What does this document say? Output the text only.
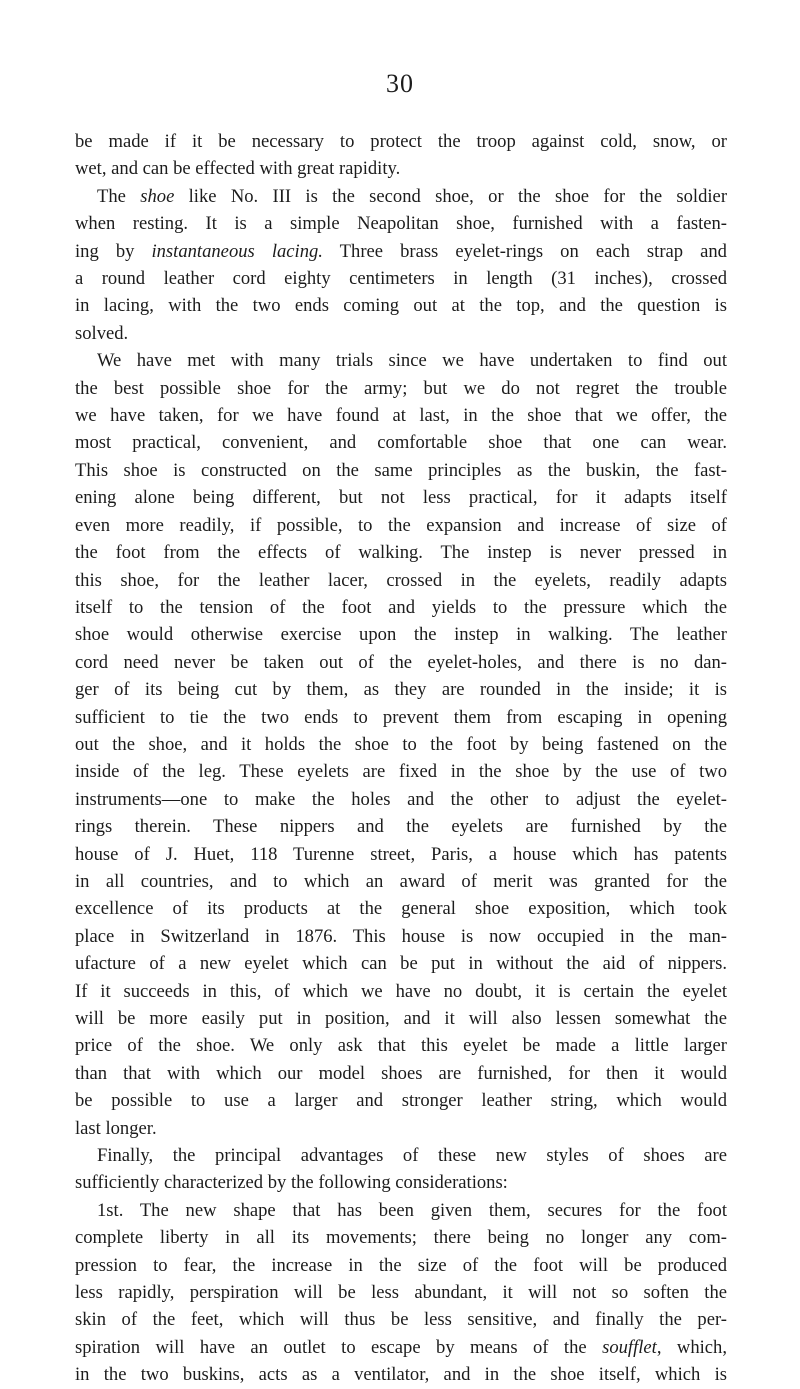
30
be made if it be necessary to protect the troop against cold, snow, or
wet, and can be effected with great rapidity.
The shoe like No. III is the second shoe, or the shoe for the soldier
when resting. It is a simple Neapolitan shoe, furnished with a fasten-
ing by instantaneous lacing. Three brass eyelet-rings on each strap and
a round leather cord eighty centimeters in length (31 inches), crossed
in lacing, with the two ends coming out at the top, and the question is
solved.
We have met with many trials since we have undertaken to find out
the best possible shoe for the army; but we do not regret the trouble
we have taken, for we have found at last, in the shoe that we offer, the
most practical, convenient, and comfortable shoe that one can wear.
This shoe is constructed on the same principles as the buskin, the fast-
ening alone being different, but not less practical, for it adapts itself
even more readily, if possible, to the expansion and increase of size of
the foot from the effects of walking. The instep is never pressed in
this shoe, for the leather lacer, crossed in the eyelets, readily adapts
itself to the tension of the foot and yields to the pressure which the
shoe would otherwise exercise upon the instep in walking. The leather
cord need never be taken out of the eyelet-holes, and there is no dan-
ger of its being cut by them, as they are rounded in the inside; it is
sufficient to tie the two ends to prevent them from escaping in opening
out the shoe, and it holds the shoe to the foot by being fastened on the
inside of the leg. These eyelets are fixed in the shoe by the use of two
instruments—one to make the holes and the other to adjust the eyelet-
rings therein. These nippers and the eyelets are furnished by the
house of J. Huet, 118 Turenne street, Paris, a house which has patents
in all countries, and to which an award of merit was granted for the
excellence of its products at the general shoe exposition, which took
place in Switzerland in 1876. This house is now occupied in the man-
ufacture of a new eyelet which can be put in without the aid of nippers.
If it succeeds in this, of which we have no doubt, it is certain the eyelet
will be more easily put in position, and it will also lessen somewhat the
price of the shoe. We only ask that this eyelet be made a little larger
than that with which our model shoes are furnished, for then it would
be possible to use a larger and stronger leather string, which would
last longer.
Finally, the principal advantages of these new styles of shoes are
sufficiently characterized by the following considerations:
1st. The new shape that has been given them, secures for the foot
complete liberty in all its movements; there being no longer any com-
pression to fear, the increase in the size of the foot will be produced
less rapidly, perspiration will be less abundant, it will not so soften the
skin of the feet, which will thus be less sensitive, and finally the per-
spiration will have an outlet to escape by means of the soufflet, which,
in the two buskins, acts as a ventilator, and in the shoe itself, which is
